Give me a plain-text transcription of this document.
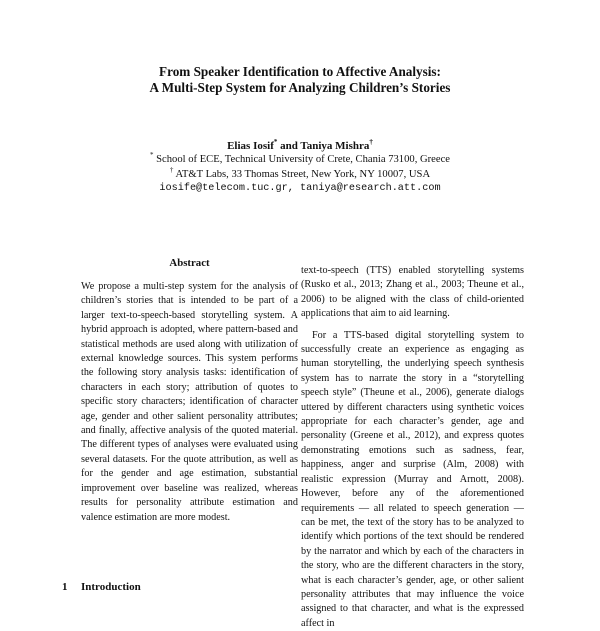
From Speaker Identification to Affective Analysis:
A Multi-Step System for Analyzing Children’s Stories
Elias Iosif* and Taniya Mishra†
* School of ECE, Technical University of Crete, Chania 73100, Greece
† AT&T Labs, 33 Thomas Street, New York, NY 10007, USA
iosife@telecom.tuc.gr, taniya@research.att.com
Abstract
We propose a multi-step system for the analysis of children’s stories that is intended to be part of a larger text-to-speech-based storytelling system. A hybrid approach is adopted, where pattern-based and statistical methods are used along with utilization of external knowledge sources. This system performs the following story analysis tasks: identification of characters in each story; attribution of quotes to specific story characters; identification of character age, gender and other salient personality attributes; and finally, affective analysis of the quoted material. The different types of analyses were evaluated using several datasets. For the quote attribution, as well as for the gender and age estimation, substantial improvement over baseline was realized, whereas results for personality attribute estimation and valence estimation are more modest.

text-to-speech (TTS) enabled storytelling systems (Rusko et al., 2013; Zhang et al., 2003; Theune et al., 2006) to be aligned with the class of child-oriented applications that aim to aid learning.

For a TTS-based digital storytelling system to successfully create an experience as engaging as human storytelling, the underlying speech synthesis system has to narrate the story in a “storytelling speech style” (Theune et al., 2006), generate dialogs uttered by different characters using synthetic voices appropriate for each character’s gender, age and personality (Greene et al., 2012), and express quotes demonstrating emotions such as sadness, fear, happiness, anger and surprise (Alm, 2008) with realistic expression (Murray and Arnott, 2008). However, before any of the aforementioned requirements — all related to speech generation — can be met, the text of the story has to be analyzed to identify which portions of the text should be rendered by the narrator and which by each of the characters in the story, who are the different characters in the story, what is each character’s gender, age, or other salient personality attributes that may influence the voice assigned to that character, and what is the expressed affect in

1 Introduction
